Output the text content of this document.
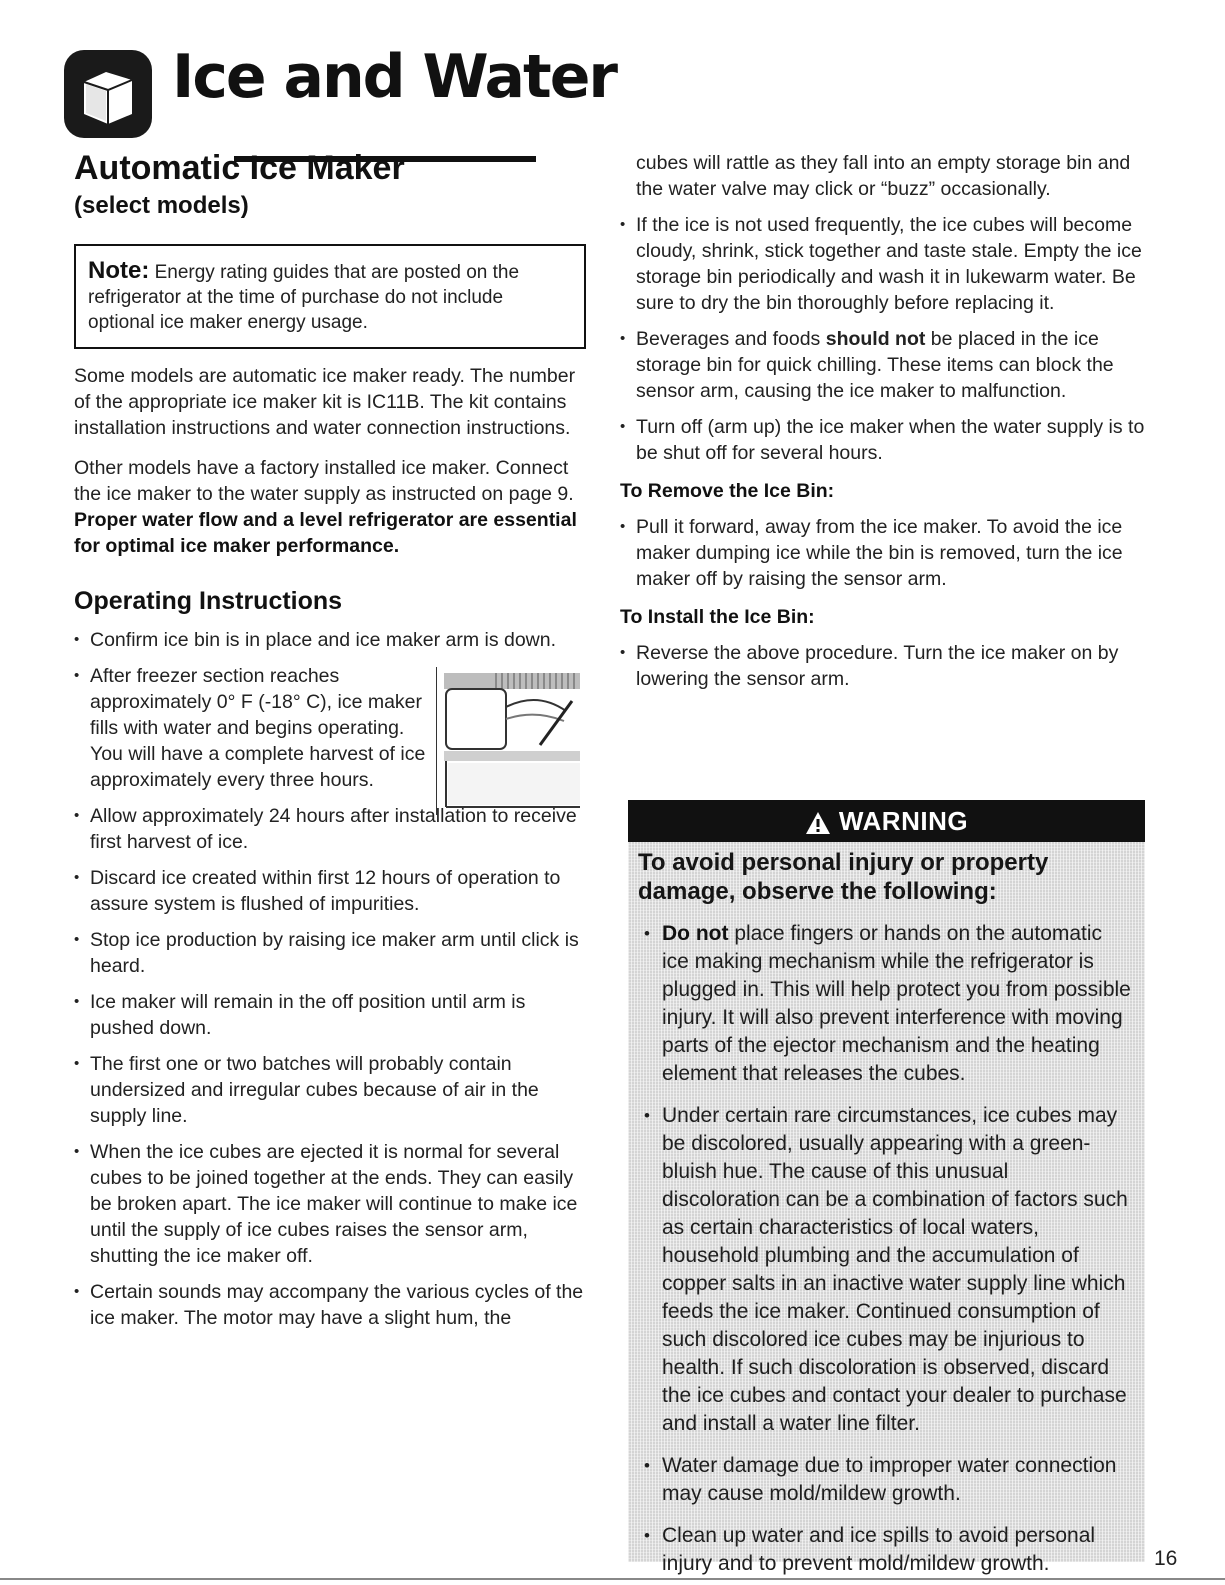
Ice and Water
Automatic Ice Maker
(select models)
Note: Energy rating guides that are posted on the refrigerator at the time of purchase do not include optional ice maker energy usage.

Some models are automatic ice maker ready. The number of the appropriate ice maker kit is IC11B. The kit contains installation instructions and water connection instructions.

Other models have a factory installed ice maker. Connect the ice maker to the water supply as instructed on page 9. Proper water flow and a level refrigerator are essential for optimal ice maker performance.

Operating Instructions
• Confirm ice bin is in place and ice maker arm is down.
• After freezer section reaches approximately 0° F (-18° C), ice maker fills with water and begins operating. You will have a complete harvest of ice approximately every three hours.
• Allow approximately 24 hours after installation to receive first harvest of ice.
• Discard ice created within first 12 hours of operation to assure system is flushed of impurities.
• Stop ice production by raising ice maker arm until click is heard.
• Ice maker will remain in the off position until arm is pushed down.
• The first one or two batches will probably contain undersized and irregular cubes because of air in the supply line.
• When the ice cubes are ejected it is normal for several cubes to be joined together at the ends. They can easily be broken apart. The ice maker will continue to make ice until the supply of ice cubes raises the sensor arm, shutting the ice maker off.
• Certain sounds may accompany the various cycles of the ice maker. The motor may have a slight hum, the

cubes will rattle as they fall into an empty storage bin and the water valve may click or “buzz” occasionally.

• If the ice is not used frequently, the ice cubes will become cloudy, shrink, stick together and taste stale. Empty the ice storage bin periodically and wash it in lukewarm water. Be sure to dry the bin thoroughly before replacing it.
• Beverages and foods should not be placed in the ice storage bin for quick chilling. These items can block the sensor arm, causing the ice maker to malfunction.
• Turn off (arm up) the ice maker when the water supply is to be shut off for several hours.
To Remove the Ice Bin:
• Pull it forward, away from the ice maker. To avoid the ice maker dumping ice while the bin is removed, turn the ice maker off by raising the sensor arm.
To Install the Ice Bin:
• Reverse the above procedure. Turn the ice maker on by lowering the sensor arm.
WARNING
To avoid personal injury or property damage, observe the following:
• Do not place fingers or hands on the automatic ice making mechanism while the refrigerator is plugged in. This will help protect you from possible injury. It will also prevent interference with moving parts of the ejector mechanism and the heating element that releases the cubes.
• Under certain rare circumstances, ice cubes may be discolored, usually appearing with a green-bluish hue. The cause of this unusual discoloration can be a combination of factors such as certain characteristics of local waters, household plumbing and the accumulation of copper salts in an inactive water supply line which feeds the ice maker. Continued consumption of such discolored ice cubes may be injurious to health. If such discoloration is observed, discard the ice cubes and contact your dealer to purchase and install a water line filter.
• Water damage due to improper water connection may cause mold/mildew growth.
• Clean up water and ice spills to avoid personal injury and to prevent mold/mildew growth.	16
